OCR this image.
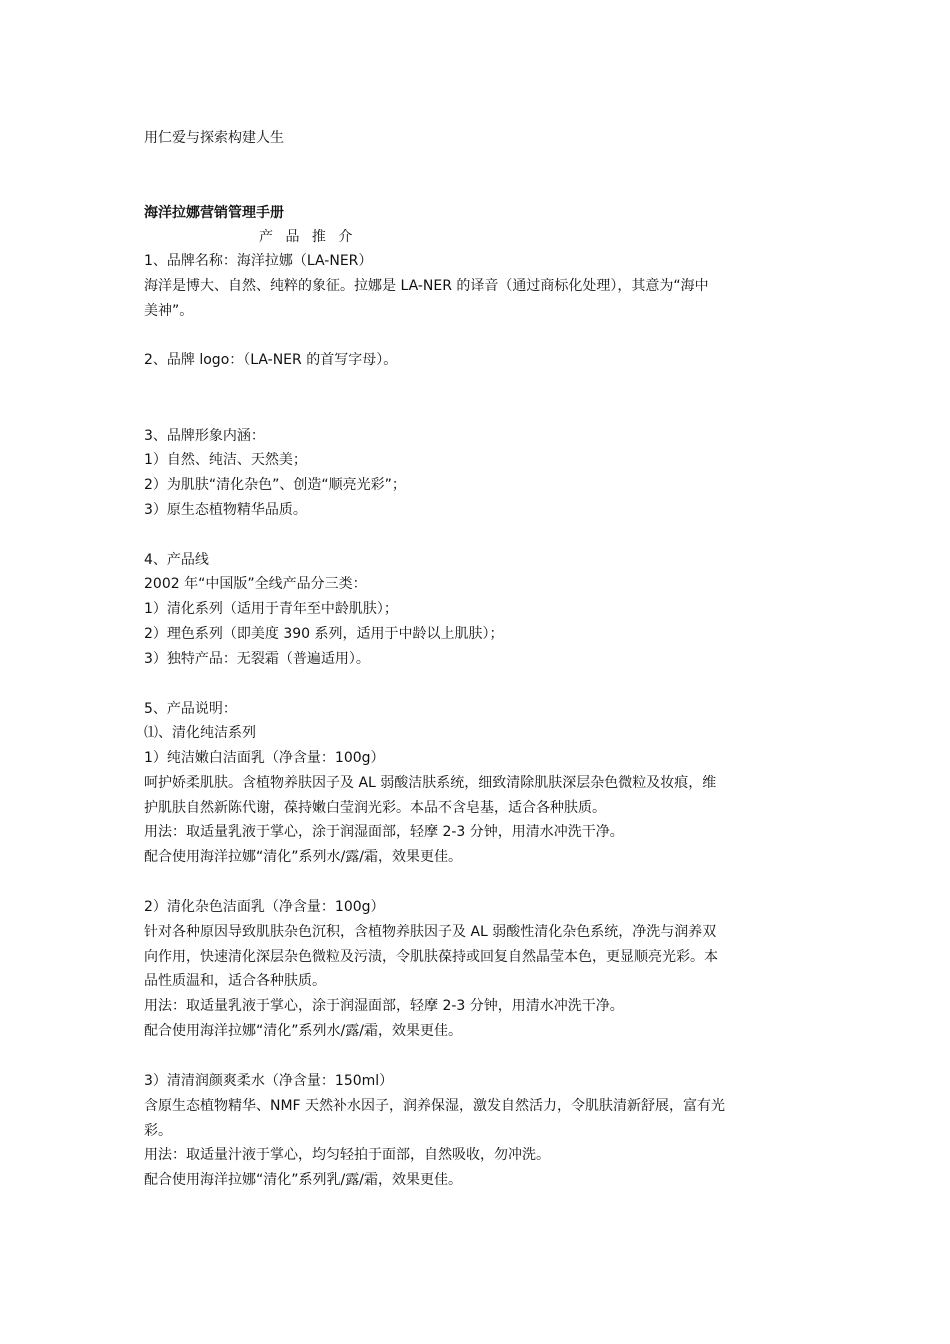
用仁爱与探索构建人生
海洋拉娜营销管理手册
产 品 推 介
1、品牌名称：海洋拉娜（LA-NER）
海洋是博大、自然、纯粹的象征。拉娜是 LA-NER 的译音（通过商标化处理），其意为“海中
美神”。
2、品牌 logo：（LA-NER 的首写字母）。
3、品牌形象内涵：
1）自然、纯洁、天然美；
2）为肌肤“清化杂色”、创造“顺亮光彩”；
3）原生态植物精华品质。
4、产品线
2002 年“中国版”全线产品分三类：
1）清化系列（适用于青年至中龄肌肤）；
2）理色系列（即美度 390 系列，适用于中龄以上肌肤）；
3）独特产品：无裂霜（普遍适用）。
5、产品说明：
⑴、清化纯洁系列
1）纯洁嫩白洁面乳（净含量：100g）
呵护娇柔肌肤。含植物养肤因子及 AL 弱酸洁肤系统，细致清除肌肤深层杂色微粒及妆痕，维
护肌肤自然新陈代谢，葆持嫩白莹润光彩。本品不含皂基，适合各种肤质。
用法：取适量乳液于掌心，涂于润湿面部，轻摩 2-3 分钟，用清水冲洗干净。
配合使用海洋拉娜“清化”系列水/露/霜，效果更佳。
2）清化杂色洁面乳（净含量：100g）
针对各种原因导致肌肤杂色沉积，含植物养肤因子及 AL 弱酸性清化杂色系统，净洗与润养双
向作用，快速清化深层杂色微粒及污渍，令肌肤葆持或回复自然晶莹本色，更显顺亮光彩。本
品性质温和，适合各种肤质。
用法：取适量乳液于掌心，涂于润湿面部，轻摩 2-3 分钟，用清水冲洗干净。
配合使用海洋拉娜“清化”系列水/露/霜，效果更佳。
3）清清润颜爽柔水（净含量：150ml）
含原生态植物精华、NMF 天然补水因子，润养保湿，激发自然活力，令肌肤清新舒展，富有光
彩。
用法：取适量汁液于掌心，均匀轻拍于面部，自然吸收，勿冲洗。
配合使用海洋拉娜“清化”系列乳/露/霜，效果更佳。
